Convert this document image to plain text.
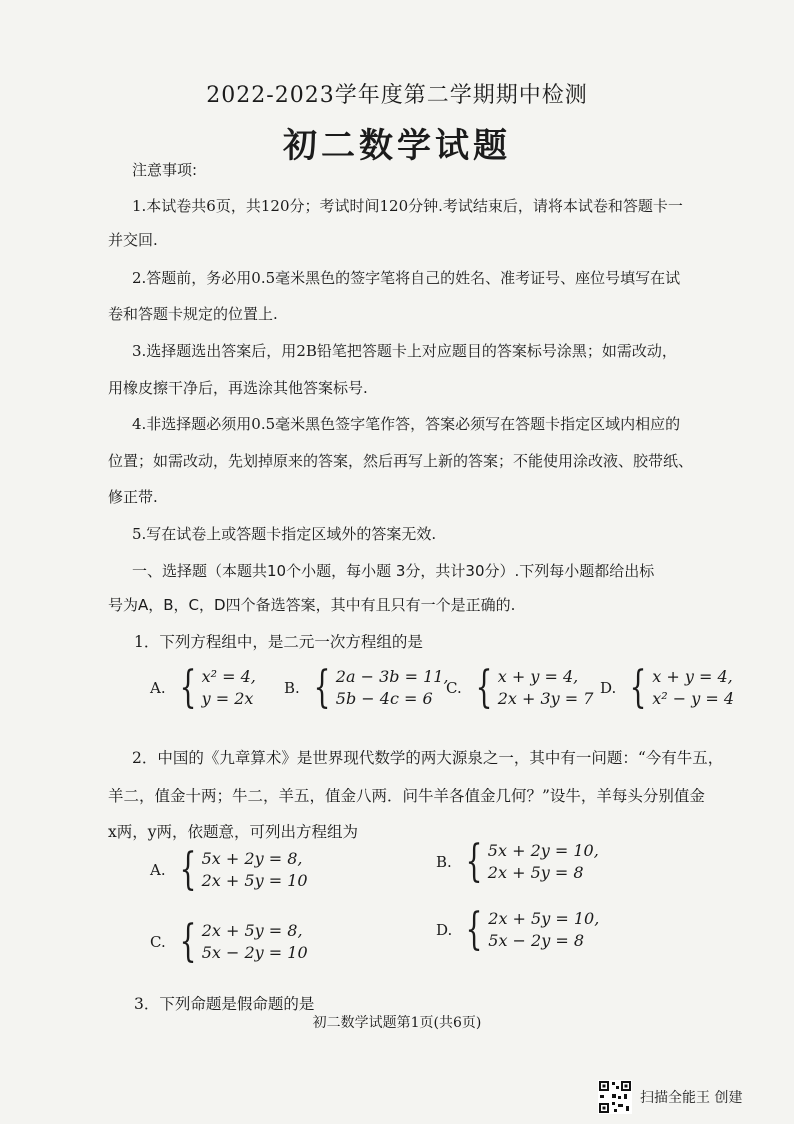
2022-2023学年度第二学期期中检测
初二数学试题
注意事项:
1.本试卷共6页，共120分；考试时间120分钟.考试结束后，请将本试卷和答题卡一
并交回.
2.答题前，务必用0.5毫米黑色的签字笔将自己的姓名、准考证号、座位号填写在试
卷和答题卡规定的位置上.
3.选择题选出答案后，用2B铅笔把答题卡上对应题目的答案标号涂黑；如需改动，
用橡皮擦干净后，再选涂其他答案标号.
4.非选择题必须用0.5毫米黑色签字笔作答，答案必须写在答题卡指定区域内相应的
位置；如需改动，先划掉原来的答案，然后再写上新的答案；不能使用涂改液、胶带纸、
修正带.
5.写在试卷上或答题卡指定区域外的答案无效.
一、选择题（本题共10个小题，每小题 3分，共计30分）.下列每小题都给出标
号为A，B，C，D四个备选答案，其中有且只有一个是正确的.
1．下列方程组中，是二元一次方程组的是
A. { x² = 4,
y = 2x
B. { 2a − 3b = 11,
5b − 4c = 6
C. { x + y = 4,
2x + 3y = 7
D. { x + y = 4,
x² − y = 4
2．中国的《九章算术》是世界现代数学的两大源泉之一，其中有一问题：“今有牛五，
羊二，值金十两；牛二，羊五，值金八两．问牛羊各值金几何？”设牛，羊每头分别值金
x两，y两，依题意，可列出方程组为
A. { 5x + 2y = 8,
2x + 5y = 10
B. { 5x + 2y = 10,
2x + 5y = 8
C. { 2x + 5y = 8,
5x − 2y = 10
D. { 2x + 5y = 10,
5x − 2y = 8
3．下列命题是假命题的是
初二数学试题第1页(共6页)
扫描全能王 创建
